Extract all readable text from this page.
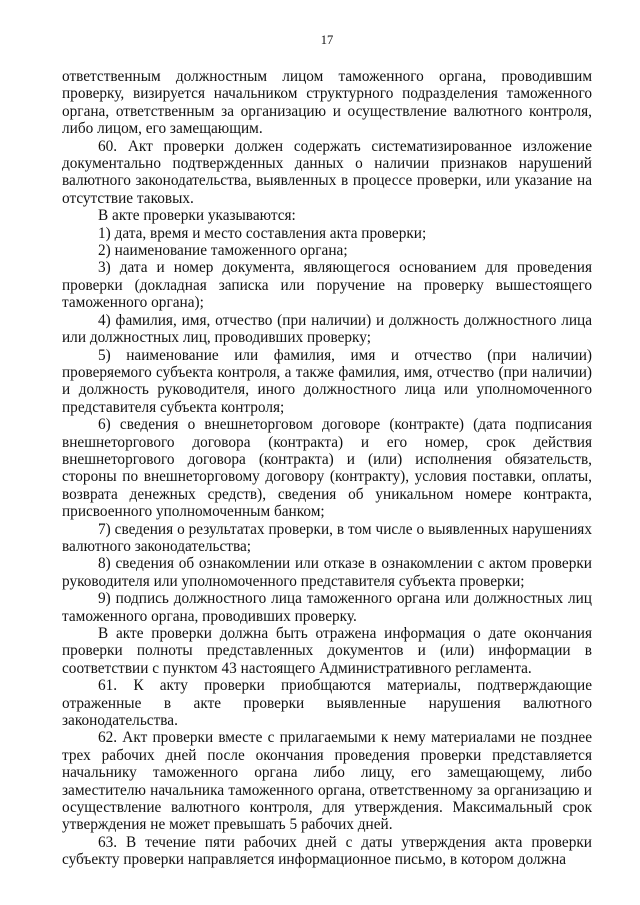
17

ответственным должностным лицом таможенного органа, проводившим проверку, визируется начальником структурного подразделения таможенного органа, ответственным за организацию и осуществление валютного контроля, либо лицом, его замещающим.

60. Акт проверки должен содержать систематизированное изложение документально подтвержденных данных о наличии признаков нарушений валютного законодательства, выявленных в процессе проверки, или указание на отсутствие таковых.

В акте проверки указываются:

1) дата, время и место составления акта проверки;

2) наименование таможенного органа;

3) дата и номер документа, являющегося основанием для проведения проверки (докладная записка или поручение на проверку вышестоящего таможенного органа);

4) фамилия, имя, отчество (при наличии) и должность должностного лица или должностных лиц, проводивших проверку;

5) наименование или фамилия, имя и отчество (при наличии) проверяемого субъекта контроля, а также фамилия, имя, отчество (при наличии) и должность руководителя, иного должностного лица или уполномоченного представителя субъекта контроля;

6) сведения о внешнеторговом договоре (контракте) (дата подписания внешнеторгового договора (контракта) и его номер, срок действия внешнеторгового договора (контракта) и (или) исполнения обязательств, стороны по внешнеторговому договору (контракту), условия поставки, оплаты, возврата денежных средств), сведения об уникальном номере контракта, присвоенного уполномоченным банком;

7) сведения о результатах проверки, в том числе о выявленных нарушениях валютного законодательства;

8) сведения об ознакомлении или отказе в ознакомлении с актом проверки руководителя или уполномоченного представителя субъекта проверки;

9) подпись должностного лица таможенного органа или должностных лиц таможенного органа, проводивших проверку.

В акте проверки должна быть отражена информация о дате окончания проверки полноты представленных документов и (или) информации в соответствии с пунктом 43 настоящего Административного регламента.

61. К акту проверки приобщаются материалы, подтверждающие отраженные в акте проверки выявленные нарушения валютного законодательства.

62. Акт проверки вместе с прилагаемыми к нему материалами не позднее трех рабочих дней после окончания проведения проверки представляется начальнику таможенного органа либо лицу, его замещающему, либо заместителю начальника таможенного органа, ответственному за организацию и осуществление валютного контроля, для утверждения. Максимальный срок утверждения не может превышать 5 рабочих дней.

63. В течение пяти рабочих дней с даты утверждения акта проверки субъекту проверки направляется информационное письмо, в котором должна
